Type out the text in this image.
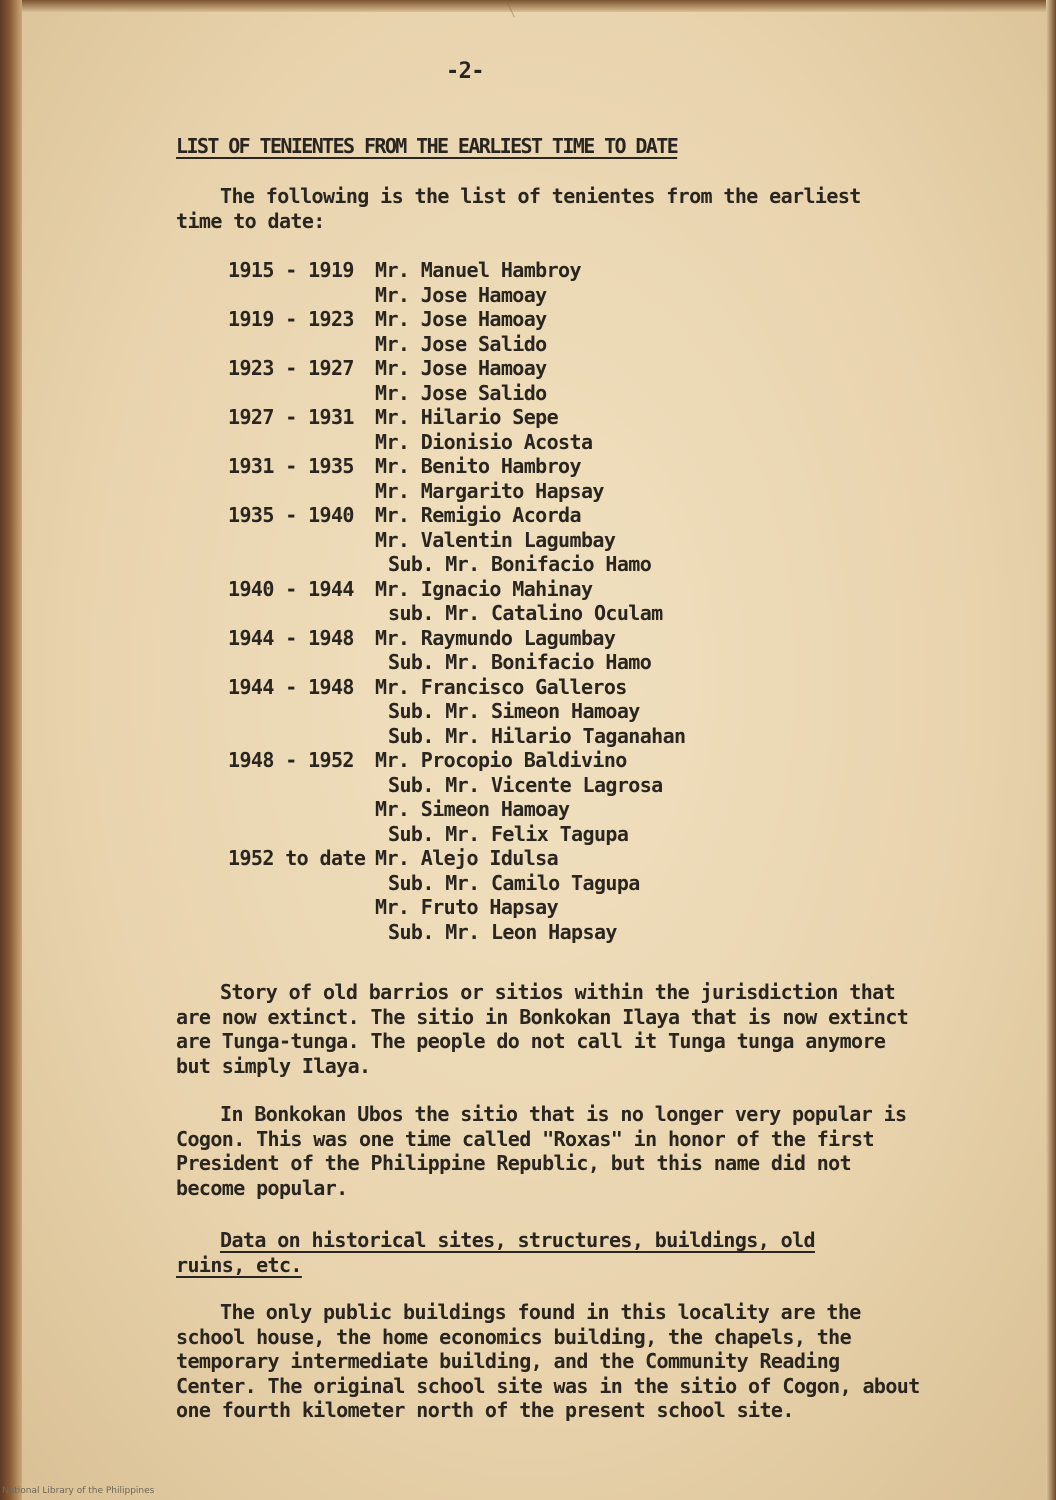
-2-
LIST OF TENIENTES FROM THE EARLIEST TIME TO DATE
The following is the list of tenientes from the earliest time to date:
1915 - 1919 Mr. Manuel Hambroy
Mr. Jose Hamoay
1919 - 1923 Mr. Jose Hamoay
Mr. Jose Salido
1923 - 1927 Mr. Jose Hamoay
Mr. Jose Salido
1927 - 1931 Mr. Hilario Sepe
Mr. Dionisio Acosta
1931 - 1935 Mr. Benito Hambroy
Mr. Margarito Hapsay
1935 - 1940 Mr. Remigio Acorda
Mr. Valentin Lagumbay
Sub. Mr. Bonifacio Hamo
1940 - 1944 Mr. Ignacio Mahinay
sub. Mr. Catalino Oculam
1944 - 1948 Mr. Raymundo Lagumbay
Sub. Mr. Bonifacio Hamo
1944 - 1948 Mr. Francisco Galleros
Sub. Mr. Simeon Hamoay
Sub. Mr. Hilario Taganahan
1948 - 1952 Mr. Procopio Baldivino
Sub. Mr. Vicente Lagrosa
Mr. Simeon Hamoay
Sub. Mr. Felix Tagupa
1952 to date Mr. Alejo Idulsa
Sub. Mr. Camilo Tagupa
Mr. Fruto Hapsay
Sub. Mr. Leon Hapsay
Story of old barrios or sitios within the jurisdiction that are now extinct. The sitio in Bonkokan Ilaya that is now extinct are Tunga-tunga. The people do not call it Tunga tunga anymore but simply Ilaya.
In Bonkokan Ubos the sitio that is no longer very popular is Cogon. This was one time called "Roxas" in honor of the first President of the Philippine Republic, but this name did not become popular.
Data on historical sites, structures, buildings, old ruins, etc.
The only public buildings found in this locality are the school house, the home economics building, the chapels, the temporary intermediate building, and the Community Reading Center. The original school site was in the sitio of Cogon, about one fourth kilometer north of the present school site.
National Library of the Philippines
